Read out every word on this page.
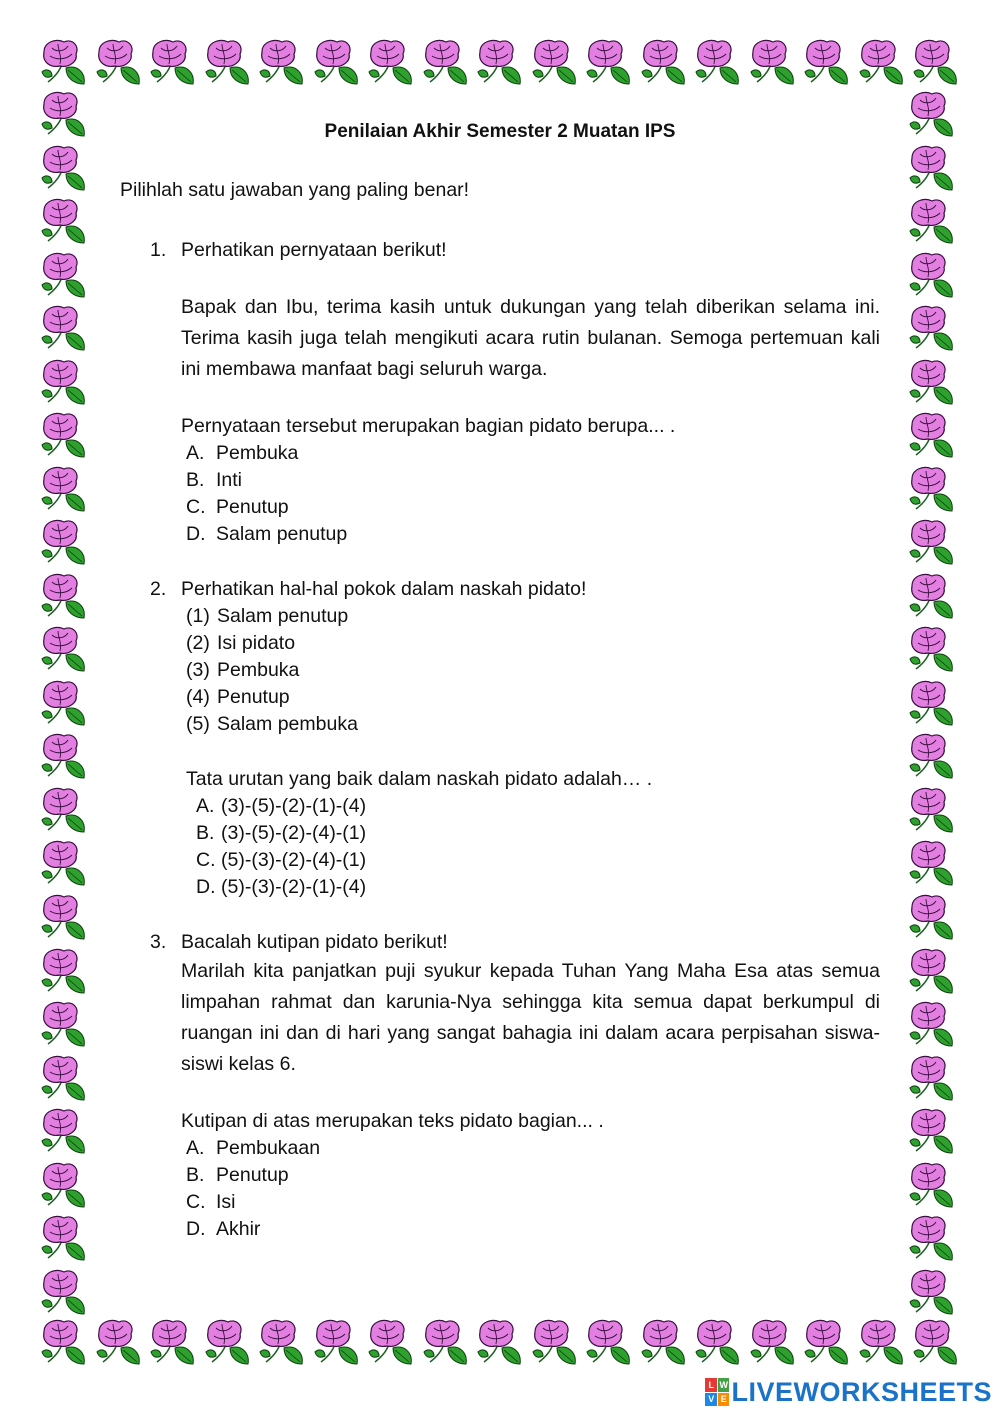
Penilaian Akhir Semester 2 Muatan IPS
Pilihlah satu jawaban yang paling benar!
1. Perhatikan pernyataan berikut!
Bapak dan Ibu, terima kasih untuk dukungan yang telah diberikan selama ini. Terima kasih juga telah mengikuti acara rutin bulanan. Semoga pertemuan kali ini membawa manfaat bagi seluruh warga.
Pernyataan tersebut merupakan bagian pidato berupa... .
A. Pembuka
B. Inti
C. Penutup
D. Salam penutup
2. Perhatikan hal-hal pokok dalam naskah pidato!
(1) Salam penutup
(2) Isi pidato
(3) Pembuka
(4) Penutup
(5) Salam pembuka
Tata urutan yang baik dalam naskah pidato adalah… .
A. (3)-(5)-(2)-(1)-(4)
B. (3)-(5)-(2)-(4)-(1)
C. (5)-(3)-(2)-(4)-(1)
D. (5)-(3)-(2)-(1)-(4)
3. Bacalah kutipan pidato berikut!
Marilah kita panjatkan puji syukur kepada Tuhan Yang Maha Esa atas semua limpahan rahmat dan karunia-Nya sehingga kita semua dapat berkumpul di ruangan ini dan di hari yang sangat bahagia ini dalam acara perpisahan siswa-siswi kelas 6.
Kutipan di atas merupakan teks pidato bagian... .
A. Pembukaan
B. Penutup
C. Isi
D. Akhir
L W
V E LIVEWORKSHEETS
